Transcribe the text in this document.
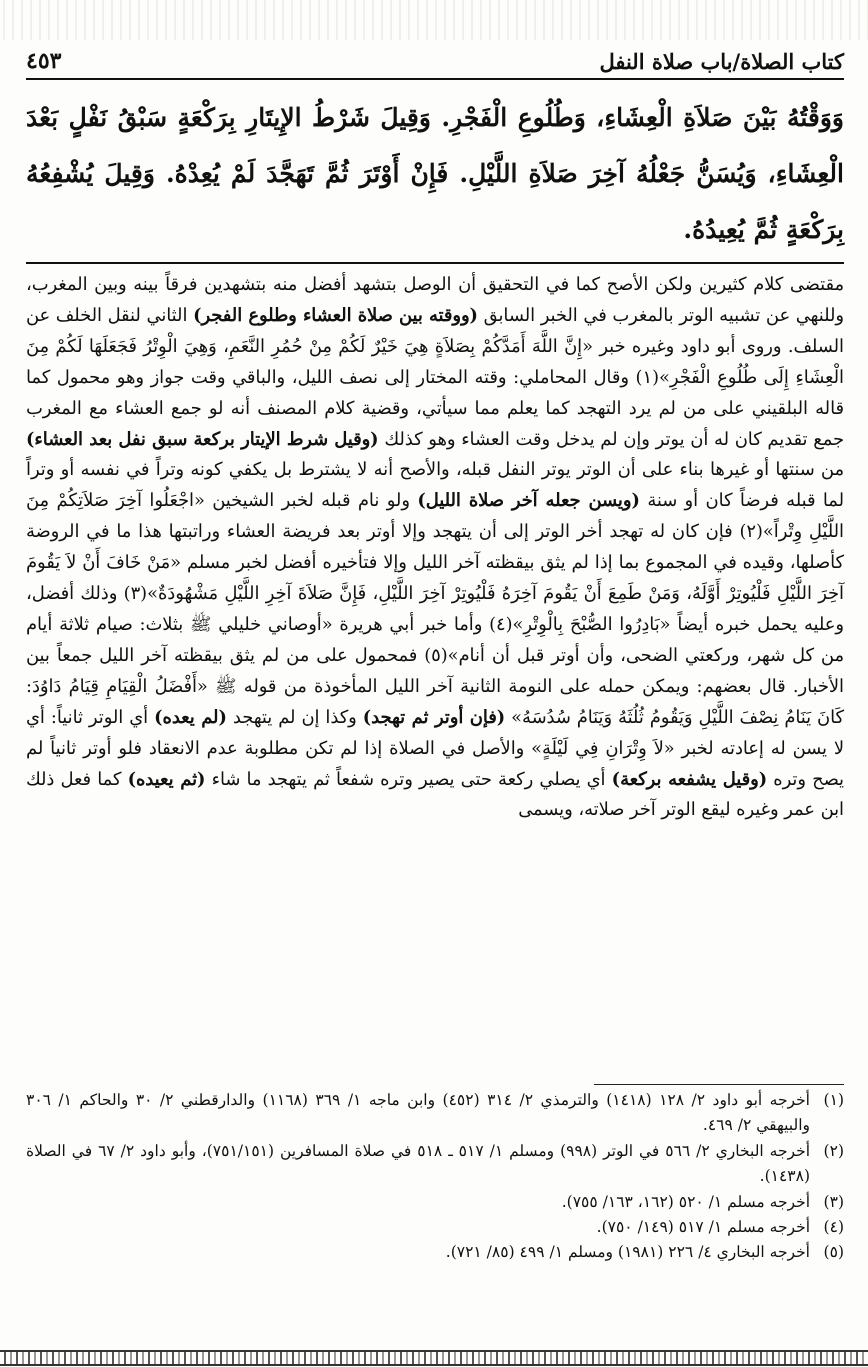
كتاب الصلاة/باب صلاة النفل
٤٥٣
وَوَقْتُهُ بَيْنَ صَلاَةِ الْعِشَاءِ، وَطُلُوعِ الْفَجْرِ. وَقِيلَ شَرْطُ الإِيتَارِ بِرَكْعَةٍ سَبْقُ نَفْلٍ بَعْدَ الْعِشَاءِ، وَيُسَنُّ جَعْلُهُ آخِرَ صَلاَةِ اللَّيْلِ. فَإِنْ أَوْتَرَ ثُمَّ تَهَجَّدَ لَمْ يُعِدْهُ. وَقِيلَ يُشْفِعُهُ بِرَكْعَةٍ ثُمَّ يُعِيدُهُ.

مقتضى كلام كثيرين ولكن الأصح كما في التحقيق أن الوصل بتشهد أفضل منه بتشهدين فرقاً بينه وبين المغرب، وللنهي عن تشبيه الوتر بالمغرب في الخبر السابق (ووقته بين صلاة العشاء وطلوع الفجر) الثاني لنقل الخلف عن السلف. وروى أبو داود وغيره خبر «إِنَّ اللَّهَ أَمَدَّكُمْ بِصَلاَةٍ هِيَ خَيْرٌ لَكُمْ مِنْ حُمُرِ النَّعَمِ، وَهِيَ الْوِتْرُ فَجَعَلَهَا لَكُمْ مِنَ الْعِشَاءِ إِلَى طُلُوعِ الْفَجْرِ»(١) وقال المحاملي: وقته المختار إلى نصف الليل، والباقي وقت جواز وهو محمول كما قاله البلقيني على من لم يرد التهجد كما يعلم مما سيأتي، وقضية كلام المصنف أنه لو جمع العشاء مع المغرب جمع تقديم كان له أن يوتر وإن لم يدخل وقت العشاء وهو كذلك (وقيل شرط الإيتار بركعة سبق نفل بعد العشاء) من سنتها أو غيرها بناء على أن الوتر يوتر النفل قبله، والأصح أنه لا يشترط بل يكفي كونه وتراً في نفسه أو وتراً لما قبله فرضاً كان أو سنة (ويسن جعله آخر صلاة الليل) ولو نام قبله لخبر الشيخين «اجْعَلُوا آخِرَ صَلاَتِكُمْ مِنَ اللَّيْلِ وِتْراً»(٢) فإن كان له تهجد أخر الوتر إلى أن يتهجد وإلا أوتر بعد فريضة العشاء وراتبتها هذا ما في الروضة كأصلها، وقيده في المجموع بما إذا لم يثق بيقظته آخر الليل وإلا فتأخيره أفضل لخبر مسلم «مَنْ خَافَ أَنْ لاَ يَقُومَ آخِرَ اللَّيْلِ فَلْيُوتِرْ أَوَّلَهُ، وَمَنْ طَمِعَ أَنْ يَقُومَ آخِرَهُ فَلْيُوتِرْ آخِرَ اللَّيْلِ، فَإِنَّ صَلاَةَ آخِرِ اللَّيْلِ مَشْهُودَةٌ»(٣) وذلك أفضل، وعليه يحمل خبره أيضاً «بَادِرُوا الصُّبْحَ بِالْوِتْرِ»(٤) وأما خبر أبي هريرة «أوصاني خليلي ﷺ بثلاث: صيام ثلاثة أيام من كل شهر، وركعتي الضحى، وأن أوتر قبل أن أنام»(٥) فمحمول على من لم يثق بيقظته آخر الليل جمعاً بين الأخبار. قال بعضهم: ويمكن حمله على النومة الثانية آخر الليل المأخوذة من قوله ﷺ «أَفْضَلُ الْقِيَامِ قِيَامُ دَاوُدَ: كَانَ يَنَامُ نِصْفَ اللَّيْلِ وَيَقُومُ ثُلُثَهُ وَيَنَامُ سُدُسَهُ» (فإن أوتر ثم تهجد) وكذا إن لم يتهجد (لم يعده) أي الوتر ثانياً: أي لا يسن له إعادته لخبر «لاَ وِتْرَانِ فِي لَيْلَةٍ» والأصل في الصلاة إذا لم تكن مطلوبة عدم الانعقاد فلو أوتر ثانياً لم يصح وتره (وقيل يشفعه بركعة) أي يصلي ركعة حتى يصير وتره شفعاً ثم يتهجد ما شاء (ثم يعيده) كما فعل ذلك ابن عمر وغيره ليقع الوتر آخر صلاته، ويسمى

(١)
أخرجه أبو داود ٢/ ١٢٨ (١٤١٨) والترمذي ٢/ ٣١٤ (٤٥٢) وابن ماجه ١/ ٣٦٩ (١١٦٨) والدارقطني ٢/ ٣٠ والحاكم ١/ ٣٠٦ والبيهقي ٢/ ٤٦٩.
(٢)
أخرجه البخاري ٢/ ٥٦٦ في الوتر (٩٩٨) ومسلم ١/ ٥١٧ ـ ٥١٨ في صلاة المسافرين (٧٥١/١٥١)، وأبو داود ٢/ ٦٧ في الصلاة (١٤٣٨).
(٣)
أخرجه مسلم ١/ ٥٢٠ (١٦٢، ١٦٣/ ٧٥٥).
(٤)
أخرجه مسلم ١/ ٥١٧ (١٤٩/ ٧٥٠).
(٥)
أخرجه البخاري ٤/ ٢٢٦ (١٩٨١) ومسلم ١/ ٤٩٩ (٨٥/ ٧٢١).
